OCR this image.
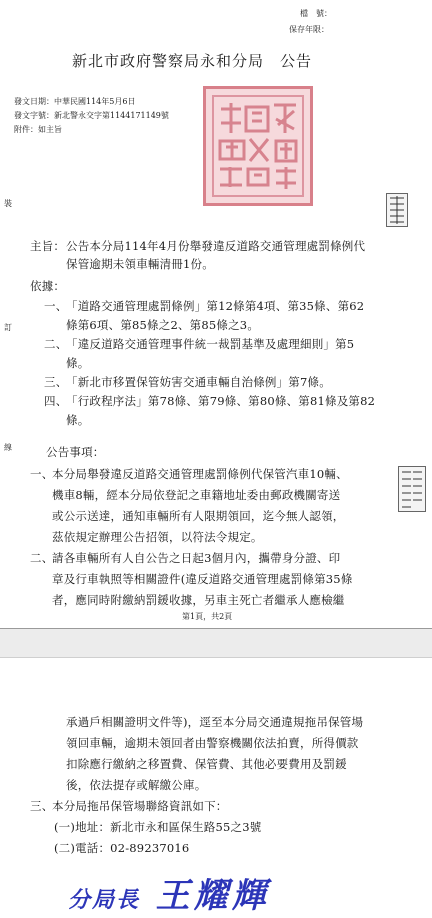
檔　號：
保存年限：
新北市政府警察局永和分局　公告
發文日期：中華民國114年5月6日
發文字號：新北警永交字第1144171149號
附件：如主旨
裝
訂
線
主旨： 公告本分局114年4月份舉發違反道路交通管理處罰條例代
保管逾期未領車輛清冊1份。
依據：
一、
「道路交通管理處罰條例」第12條第4項、第35條、第62
條第6項、第85條之2、第85條之3。
二、
「違反道路交通管理事件統一裁罰基準及處理細則」第5
條。
三、
「新北市移置保管妨害交通車輛自治條例」第7條。
四、
「行政程序法」第78條、第79條、第80條、第81條及第82
條。
公告事項：
一、
本分局舉發違反道路交通管理處罰條例代保管汽車10輛、
機車8輛，經本分局依登記之車籍地址委由郵政機關寄送
或公示送達，通知車輛所有人限期領回，迄今無人認領，
茲依規定辦理公告招領，以符法令規定。
二、
請各車輛所有人自公告之日起3個月內，攜帶身分證、印
章及行車執照等相關證件(違反道路交通管理處罰條第35條
者，應同時附繳納罰鍰收據，另車主死亡者繼承人應檢繼
第1頁，共2頁
承過戶相關證明文件等)，逕至本分局交通違規拖吊保管場
領回車輛，逾期未領回者由警察機關依法拍賣，所得價款
扣除應行繳納之移置費、保管費、其他必要費用及罰鍰
後，依法提存或解繳公庫。
三、
本分局拖吊保管場聯絡資訊如下：
(一)地址：新北市永和區保生路55之3號
(二)電話：02-89237016
分局長 王耀輝
